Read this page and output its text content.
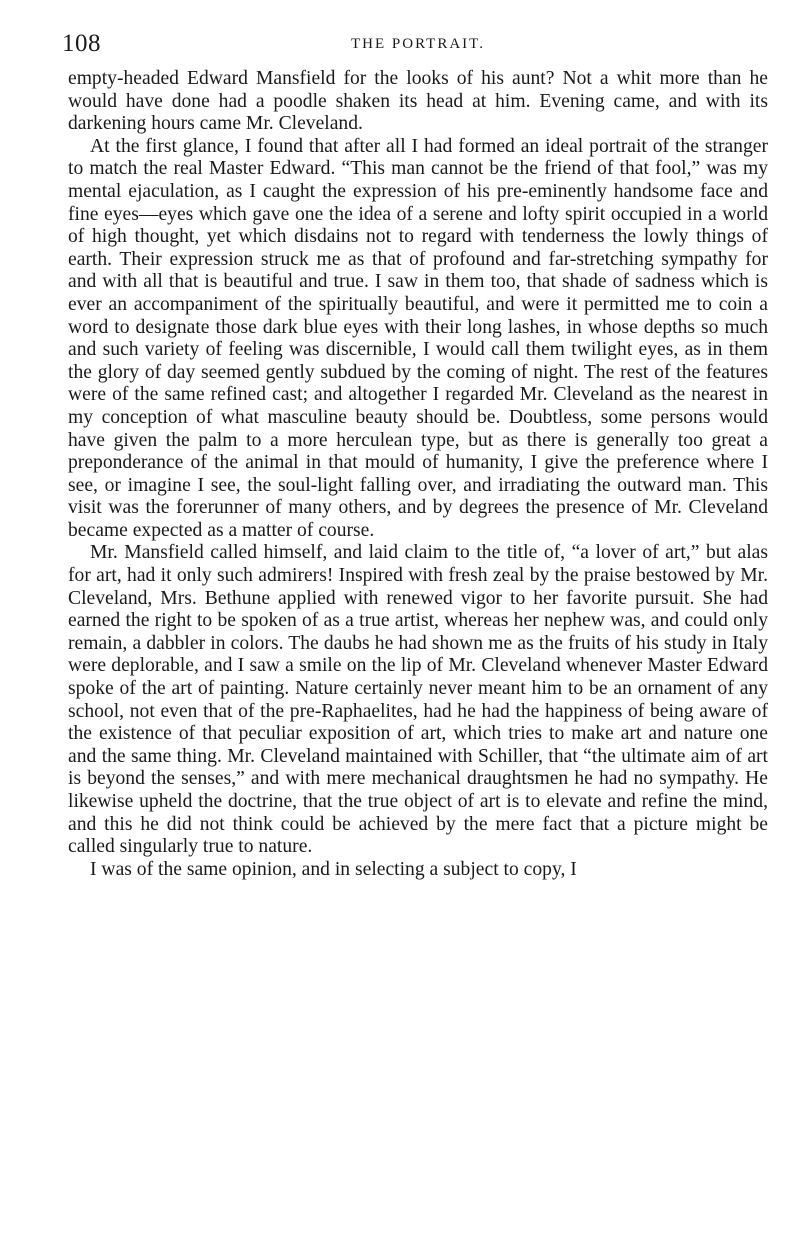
108	THE PORTRAIT.

empty-headed Edward Mansfield for the looks of his aunt? Not a whit more than he would have done had a poodle shaken its head at him. Evening came, and with its darkening hours came Mr. Cleveland.

At the first glance, I found that after all I had formed an ideal portrait of the stranger to match the real Master Edward. “This man cannot be the friend of that fool,” was my mental ejaculation, as I caught the expression of his pre-eminently handsome face and fine eyes—eyes which gave one the idea of a serene and lofty spirit occupied in a world of high thought, yet which disdains not to regard with tenderness the lowly things of earth. Their expression struck me as that of profound and far-stretching sympathy for and with all that is beautiful and true. I saw in them too, that shade of sadness which is ever an accompaniment of the spiritually beautiful, and were it permitted me to coin a word to designate those dark blue eyes with their long lashes, in whose depths so much and such variety of feeling was discernible, I would call them twilight eyes, as in them the glory of day seemed gently subdued by the coming of night. The rest of the features were of the same refined cast; and altogether I regarded Mr. Cleveland as the nearest in my conception of what masculine beauty should be. Doubtless, some persons would have given the palm to a more herculean type, but as there is generally too great a preponderance of the animal in that mould of humanity, I give the preference where I see, or imagine I see, the soul-light falling over, and irradiating the outward man. This visit was the forerunner of many others, and by degrees the presence of Mr. Cleveland became expected as a matter of course.

Mr. Mansfield called himself, and laid claim to the title of, “a lover of art,” but alas for art, had it only such admirers! Inspired with fresh zeal by the praise bestowed by Mr. Cleveland, Mrs. Bethune applied with renewed vigor to her favorite pursuit. She had earned the right to be spoken of as a true artist, whereas her nephew was, and could only remain, a dabbler in colors. The daubs he had shown me as the fruits of his study in Italy were deplorable, and I saw a smile on the lip of Mr. Cleveland whenever Master Edward spoke of the art of painting. Nature certainly never meant him to be an ornament of any school, not even that of the pre-Raphaelites, had he had the happiness of being aware of the existence of that peculiar exposition of art, which tries to make art and nature one and the same thing. Mr. Cleveland maintained with Schiller, that “the ultimate aim of art is beyond the senses,” and with mere mechanical draughtsmen he had no sympathy. He likewise upheld the doctrine, that the true object of art is to elevate and refine the mind, and this he did not think could be achieved by the mere fact that a picture might be called singularly true to nature.

I was of the same opinion, and in selecting a subject to copy, I
